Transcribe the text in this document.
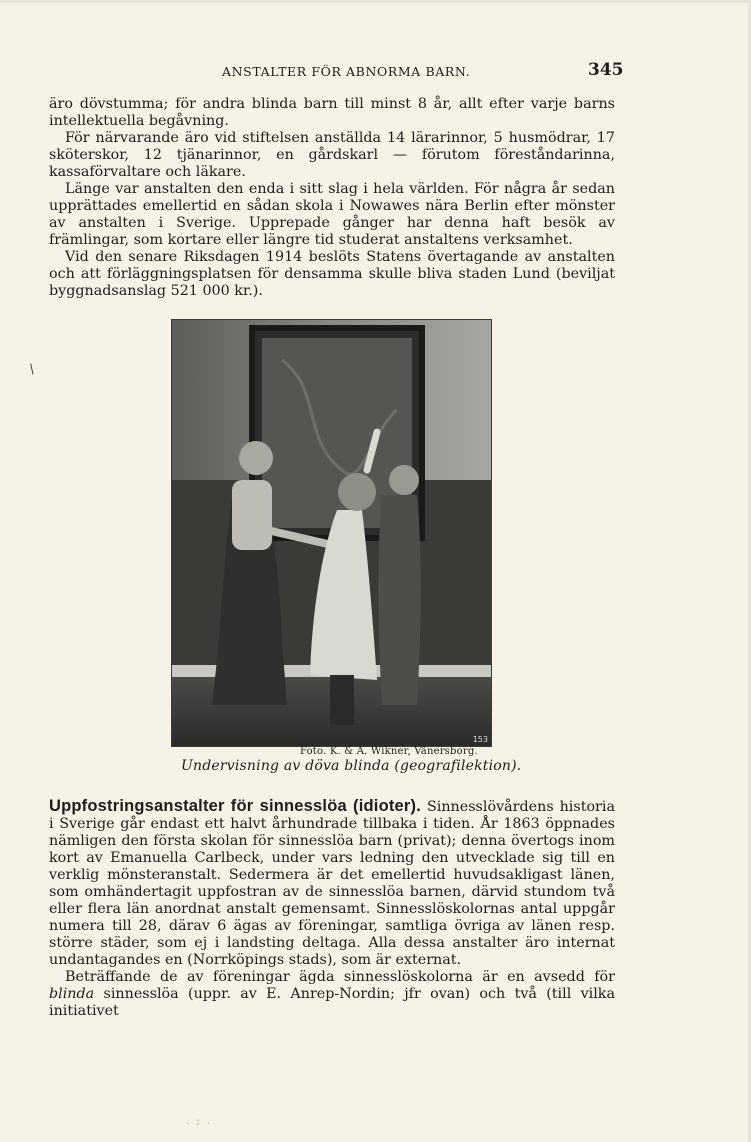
ANSTALTER FÖR ABNORMA BARN.	345

äro dövstumma; för andra blinda barn till minst 8 år, allt efter varje barns intellektuella begåvning.

För närvarande äro vid stiftelsen anställda 14 lärarinnor, 5 husmödrar, 17 sköterskor, 12 tjänarinnor, en gårdskarl — förutom föreståndarinna, kassaförvaltare och läkare.

Länge var anstalten den enda i sitt slag i hela världen. För några år sedan upprättades emellertid en sådan skola i Nowawes nära Berlin efter mönster av anstalten i Sverige. Upprepade gånger har denna haft besök av främlingar, som kortare eller längre tid studerat anstaltens verksamhet.

Vid den senare Riksdagen 1914 beslöts Statens övertagande av anstalten och att förläggningsplatsen för densamma skulle bliva staden Lund (beviljat byggnadsanslag 521 000 kr.).

/
153
Foto. K. & A. Wikner, Vänersborg.
Undervisning av döva blinda (geografilektion).

Uppfostringsanstalter för sinnesslöa (idioter). Sinnesslövårdens historia i Sverige går endast ett halvt århundrade tillbaka i tiden. År 1863 öppnades nämligen den första skolan för sinnesslöa barn (privat); denna övertogs inom kort av Emanuella Carlbeck, under vars ledning den utvecklade sig till en verklig mönsteranstalt. Sedermera är det emellertid huvudsakligast länen, som omhändertagit uppfostran av de sinnesslöa barnen, därvid stundom två eller flera län anordnat anstalt gemensamt. Sinnesslöskolornas antal uppgår numera till 28, därav 6 ägas av föreningar, samtliga övriga av länen resp. större städer, som ej i landsting deltaga. Alla dessa anstalter äro internat undantagandes en (Norrköpings stads), som är externat.

Beträffande de av föreningar ägda sinnesslöskolorna är en avsedd för blinda sinnesslöa (uppr. av E. Anrep-Nordin; jfr ovan) och två (till vilka initiativet

. ; .
